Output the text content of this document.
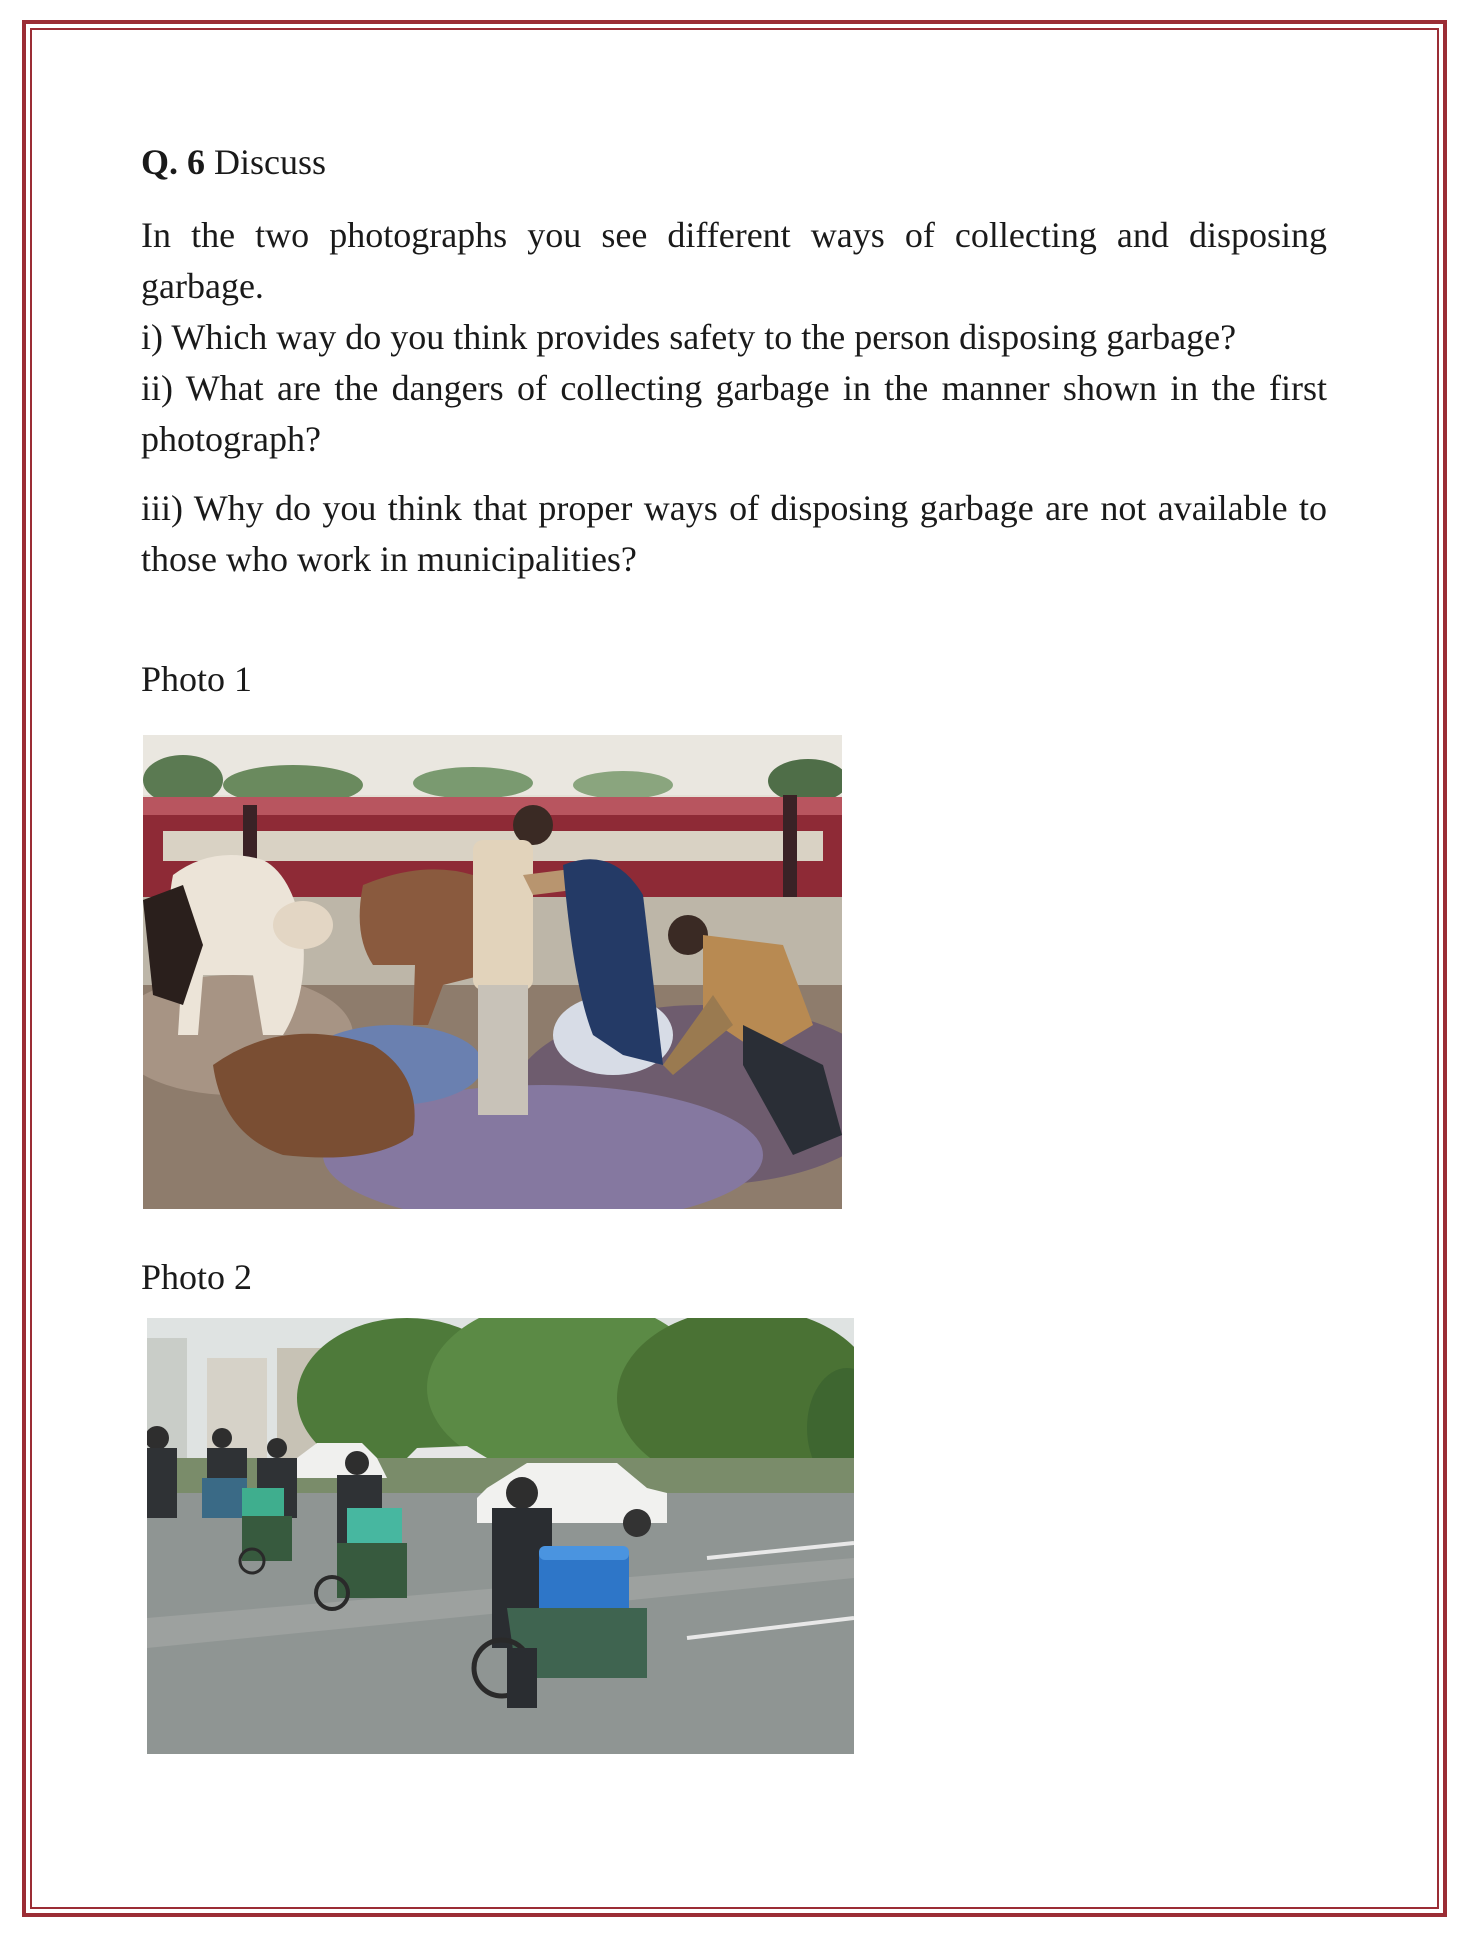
Q. 6 Discuss

In the two photographs you see different ways of collecting and disposing garbage.

i) Which way do you think provides safety to the person disposing garbage?

ii) What are the dangers of collecting garbage in the manner shown in the first photograph?

iii) Why do you think that proper ways of disposing garbage are not available to those who work in municipalities?

Photo 1

Photo 2
